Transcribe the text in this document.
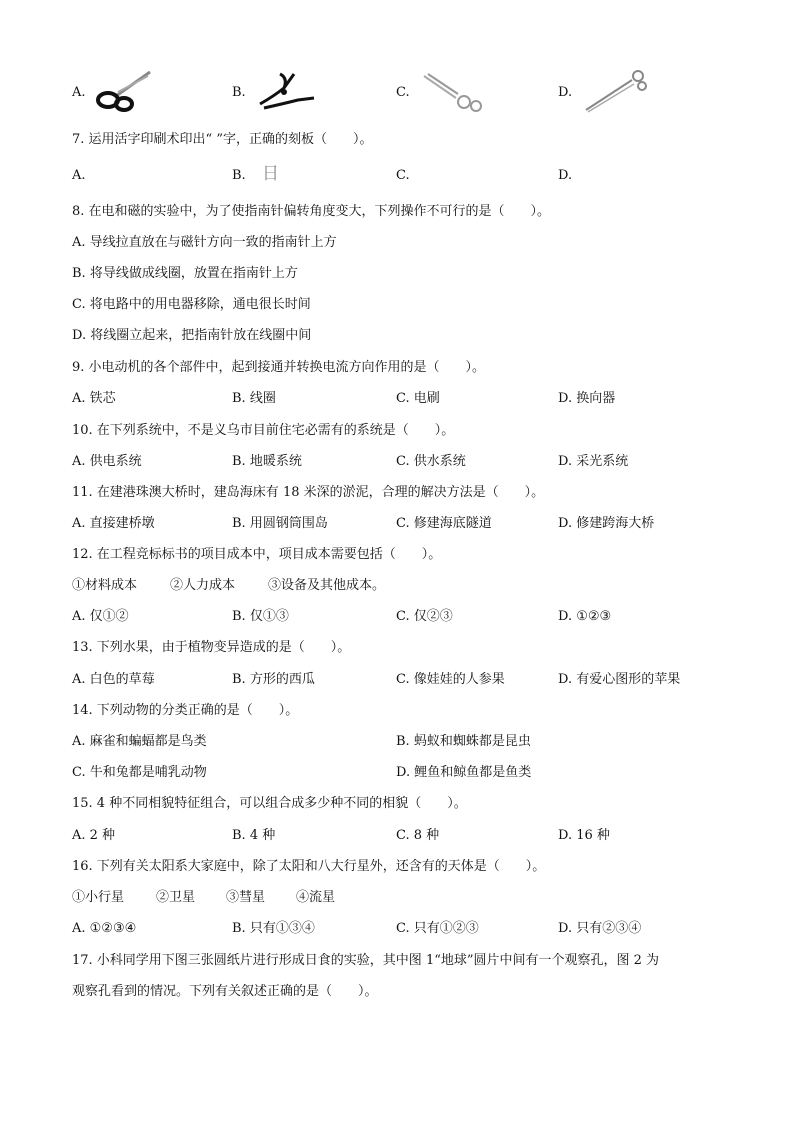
A.	B.	C.	D.
7. 运用活字印刷术印出“ ”字，正确的刻板（　　）。
A.	B. 日	C.	D.
8. 在电和磁的实验中，为了使指南针偏转角度变大，下列操作不可行的是（　　）。
A. 导线拉直放在与磁针方向一致的指南针上方
B. 将导线做成线圈，放置在指南针上方
C. 将电路中的用电器移除，通电很长时间
D. 将线圈立起来，把指南针放在线圈中间
9. 小电动机的各个部件中，起到接通并转换电流方向作用的是（　　）。
A. 铁芯	B. 线圈	C. 电刷	D. 换向器
10. 在下列系统中，不是义乌市目前住宅必需有的系统是（　　）。
A. 供电系统	B. 地暖系统	C. 供水系统	D. 采光系统
11. 在建港珠澳大桥时，建岛海床有 18 米深的淤泥，合理的解决方法是（　　）。
A. 直接建桥墩	B. 用圆钢筒围岛	C. 修建海底隧道	D. 修建跨海大桥
12. 在工程竞标标书的项目成本中，项目成本需要包括（　　）。
①材料成本	②人力成本	③设备及其他成本。
A. 仅①②	B. 仅①③	C. 仅②③	D. ①②③
13. 下列水果，由于植物变异造成的是（　　）。
A. 白色的草莓	B. 方形的西瓜	C. 像娃娃的人参果	D. 有爱心图形的苹果
14. 下列动物的分类正确的是（　　）。
A. 麻雀和蝙蝠都是鸟类	B. 蚂蚁和蜘蛛都是昆虫
C. 牛和兔都是哺乳动物	D. 鲤鱼和鲸鱼都是鱼类
15. 4 种不同相貌特征组合，可以组合成多少种不同的相貌（　　）。
A. 2 种	B. 4 种	C. 8 种	D. 16 种
16. 下列有关太阳系大家庭中，除了太阳和八大行星外，还含有的天体是（　　）。
①小行星 ②卫星 ③彗星 ④流星
A. ①②③④	B. 只有①③④	C. 只有①②③	D. 只有②③④
17. 小科同学用下图三张圆纸片进行形成日食的实验，其中图 1“地球”圆片中间有一个观察孔，图 2 为
观察孔看到的情况。下列有关叙述正确的是（　　）。
